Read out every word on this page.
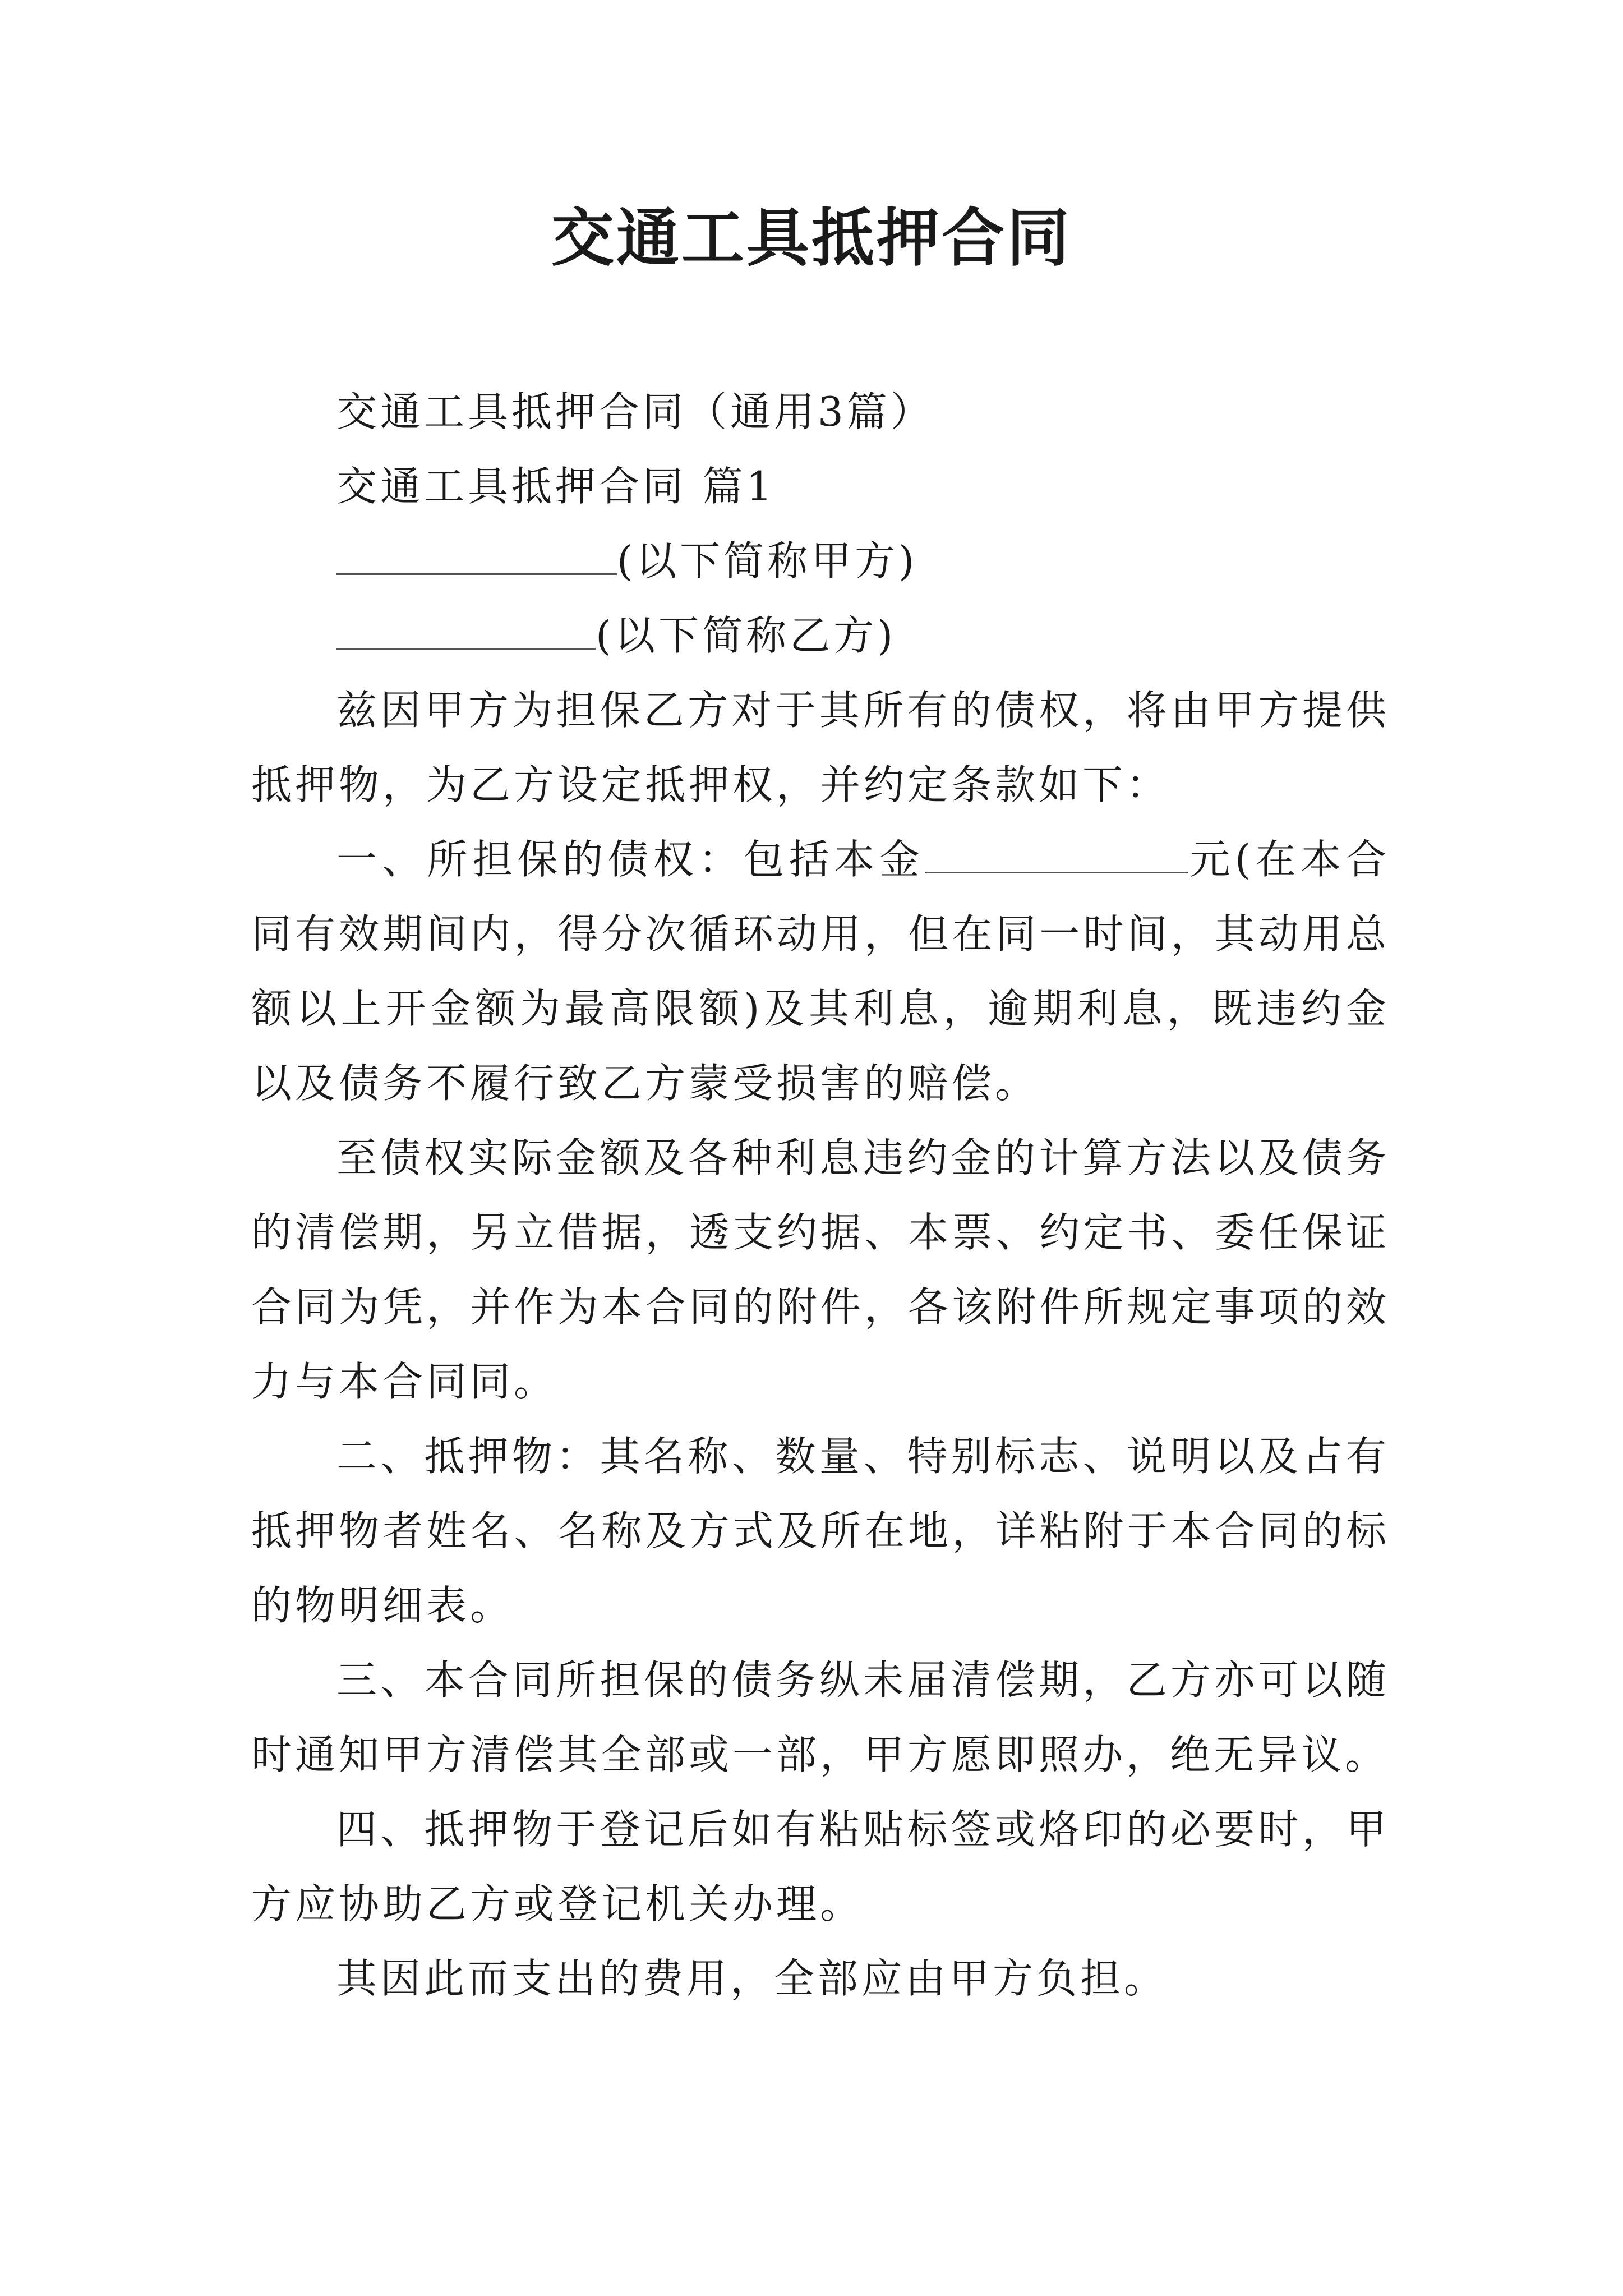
交通工具抵押合同

交通工具抵押合同（通用3篇）

交通工具抵押合同 篇1

(以下简称甲方)

(以下简称乙方)

兹因甲方为担保乙方对于其所有的债权，将由甲方提供抵押物，为乙方设定抵押权，并约定条款如下：

一、所担保的债权：包括本金	元(在本合同有效期间内，得分次循环动用，但在同一时间，其动用总额以上开金额为最高限额)及其利息，逾期利息，既违约金以及债务不履行致乙方蒙受损害的赔偿。

至债权实际金额及各种利息违约金的计算方法以及债务的清偿期，另立借据，透支约据、本票、约定书、委任保证合同为凭，并作为本合同的附件，各该附件所规定事项的效力与本合同同。

二、抵押物：其名称、数量、特别标志、说明以及占有抵押物者姓名、名称及方式及所在地，详粘附于本合同的标的物明细表。

三、本合同所担保的债务纵未届清偿期，乙方亦可以随时通知甲方清偿其全部或一部，甲方愿即照办，绝无异议。

四、抵押物于登记后如有粘贴标签或烙印的必要时，甲方应协助乙方或登记机关办理。

其因此而支出的费用，全部应由甲方负担。
